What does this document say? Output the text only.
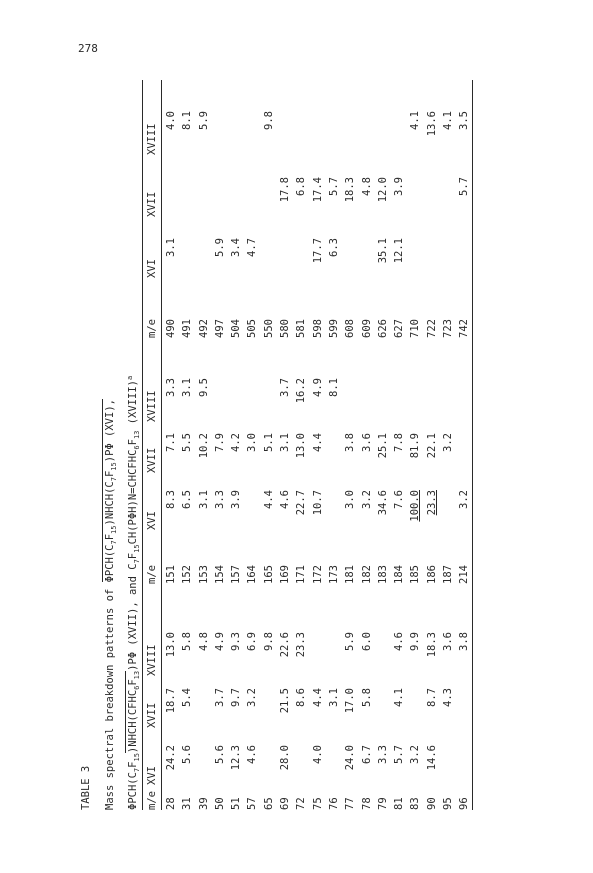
278
TABLE 3 Mass spectral breakdown patterns of $\Phi PCH(C_7F_{15})NHCH(C_7F_{15})P\Phi$ (XVI),
$\Phi PCH(C_7F_{15})NHCH(CFHC_6F_{13})P\Phi$ (XVII), and $C_7F_{15}CH(P\Phi H)N=CHCFHC_6F_{13}$ (XVIII)$^a$
m/e
XVI
XVII
XVIII
m/e
XVI
XVII
XVIII
m/e
XVI
XVII
XVIII
28
24.2
18.7
13.0
151
8.3
7.1
3.3
490
3.1
4.0
31
5.6
5.4
5.8
152
6.5
5.5
3.1
491
8.1
39
4.8
153
3.1
10.2
9.5
492
5.9
50
5.6
3.7
4.9
154
3.3
7.9
497
5.9
51
12.3
9.7
9.3
157
3.9
4.2
504
3.4
57
4.6
3.2
6.9
164
3.0
505
4.7
65
9.8
165
4.4
5.1
550
9.8
69
28.0
21.5
22.6
169
4.6
3.1
3.7
580
17.8
72
8.6
23.3
171
22.7
13.0
16.2
581
6.8
75
4.0
4.4
172
10.7
4.4
4.9
598
17.7
17.4
76
3.1
173
8.1
599
6.3
5.7
77
24.0
17.0
5.9
181
3.0
3.8
608
18.3
78
6.7
5.8
6.0
182
3.2
3.6
609
4.8
79
3.3
183
34.6
25.1
626
35.1
12.0
81
5.7
4.1
4.6
184
7.6
7.8
627
12.1
3.9
83
3.2
9.9
185
100.0
81.9
710
4.1
90
14.6
8.7
18.3
186
23.3
22.1
722
13.6
95
4.3
3.6
187
3.2
723
4.1
96
3.8
214
3.2
742
5.7
3.5
